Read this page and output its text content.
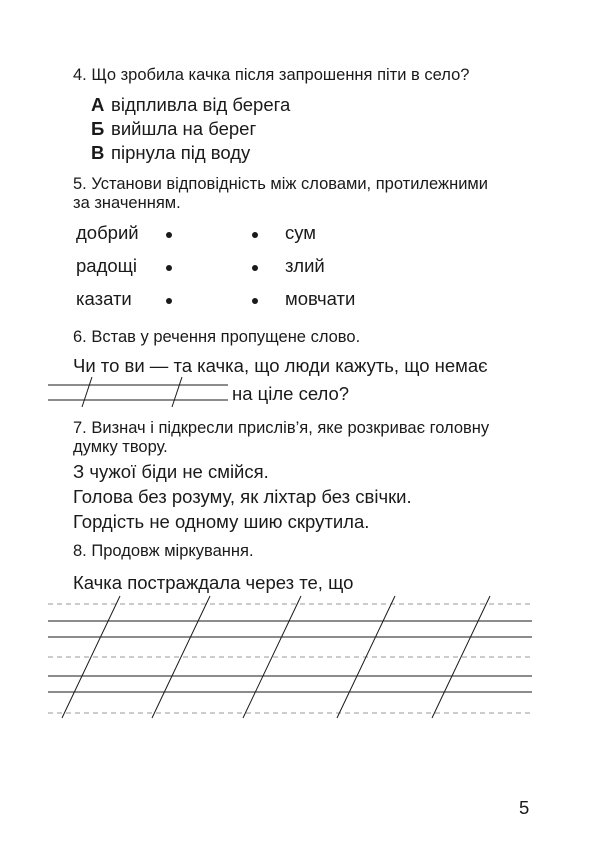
4. Що зробила качка після запрошення піти в село?
А відпливла від берега
Б вийшла на берег
В пірнула під воду
5. Установи відповідність між словами, протилежними
за значенням.
добрий
радощі
казати
сум
злий
мовчати
6. Встав у речення пропущене слово.
Чи то ви — та качка, що люди кажуть, що немає
на ціле село?
7. Визнач і підкресли прислів’я, яке розкриває головну
думку твору.
З чужої біди не смійся.
Голова без розуму, як ліхтар без свічки.
Гордість не одному шию скрутила.
8. Продовж міркування.
Качка постраждала через те, що
5
